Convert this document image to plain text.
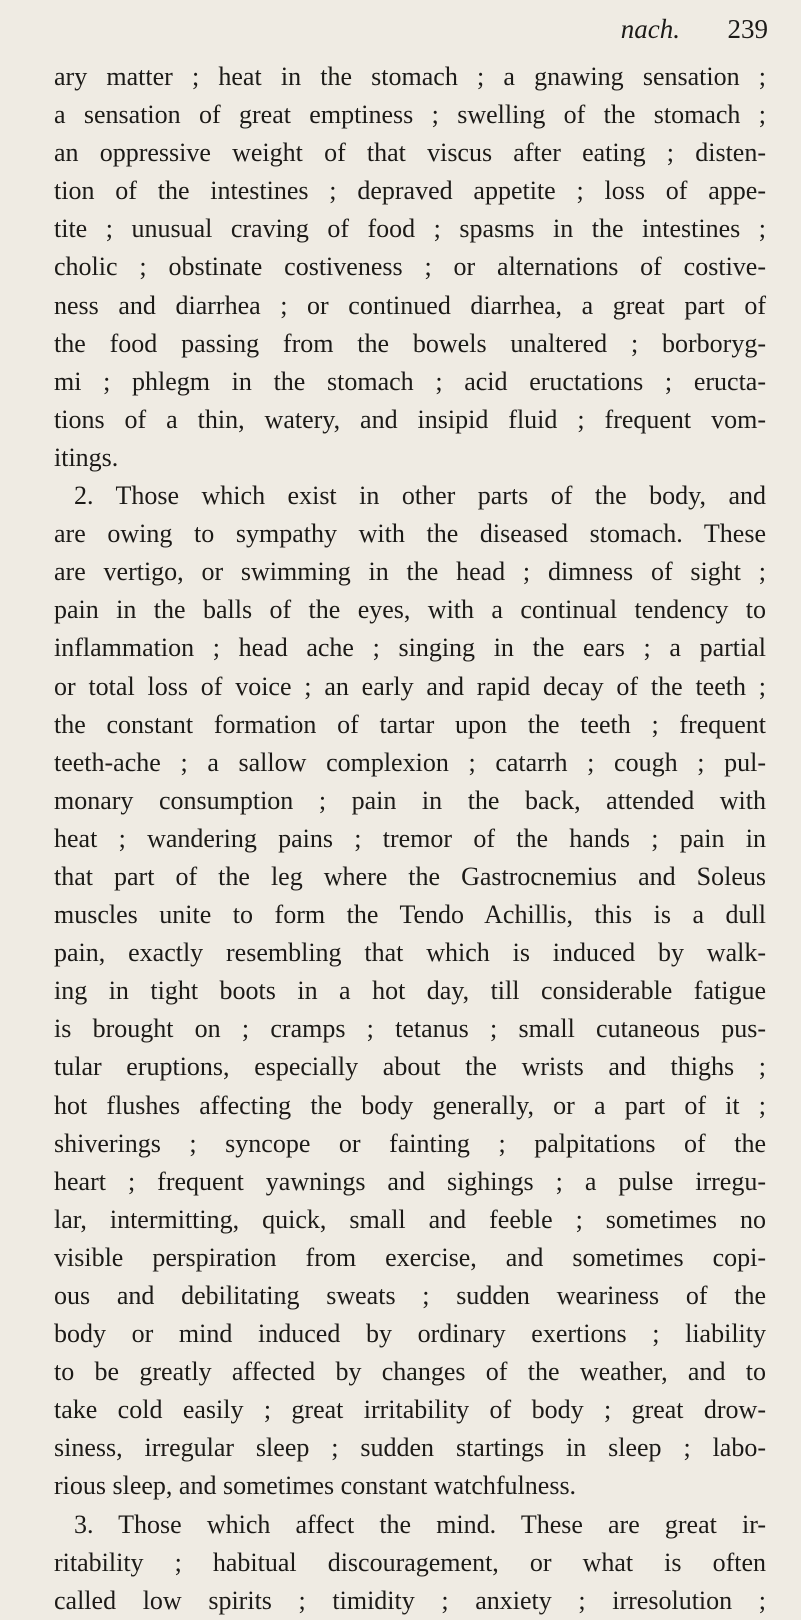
nach.	239
ary matter ; heat in the stomach ; a gnawing sensation ;
a sensation of great emptiness ; swelling of the stomach ;
an oppressive weight of that viscus after eating ; disten-
tion of the intestines ; depraved appetite ; loss of appe-
tite ; unusual craving of food ; spasms in the intestines ;
cholic ; obstinate costiveness ; or alternations of costive-
ness and diarrhea ; or continued diarrhea, a great part of
the food passing from the bowels unaltered ; borboryg-
mi ; phlegm in the stomach ; acid eructations ; eructa-
tions of a thin, watery, and insipid fluid ; frequent vom-
itings.
2. Those which exist in other parts of the body, and
are owing to sympathy with the diseased stomach. These
are vertigo, or swimming in the head ; dimness of sight ;
pain in the balls of the eyes, with a continual tendency to
inflammation ; head ache ; singing in the ears ; a partial
or total loss of voice ; an early and rapid decay of the teeth ;
the constant formation of tartar upon the teeth ; frequent
teeth-ache ; a sallow complexion ; catarrh ; cough ; pul-
monary consumption ; pain in the back, attended with
heat ; wandering pains ; tremor of the hands ; pain in
that part of the leg where the Gastrocnemius and Soleus
muscles unite to form the Tendo Achillis, this is a dull
pain, exactly resembling that which is induced by walk-
ing in tight boots in a hot day, till considerable fatigue
is brought on ; cramps ; tetanus ; small cutaneous pus-
tular eruptions, especially about the wrists and thighs ;
hot flushes affecting the body generally, or a part of it ;
shiverings ; syncope or fainting ; palpitations of the
heart ; frequent yawnings and sighings ; a pulse irregu-
lar, intermitting, quick, small and feeble ; sometimes no
visible perspiration from exercise, and sometimes copi-
ous and debilitating sweats ; sudden weariness of the
body or mind induced by ordinary exertions ; liability
to be greatly affected by changes of the weather, and to
take cold easily ; great irritability of body ; great drow-
siness, irregular sleep ; sudden startings in sleep ; labo-
rious sleep, and sometimes constant watchfulness.
3. Those which affect the mind. These are great ir-
ritability ; habitual discouragement, or what is often
called low spirits ; timidity ; anxiety ; irresolution ;
